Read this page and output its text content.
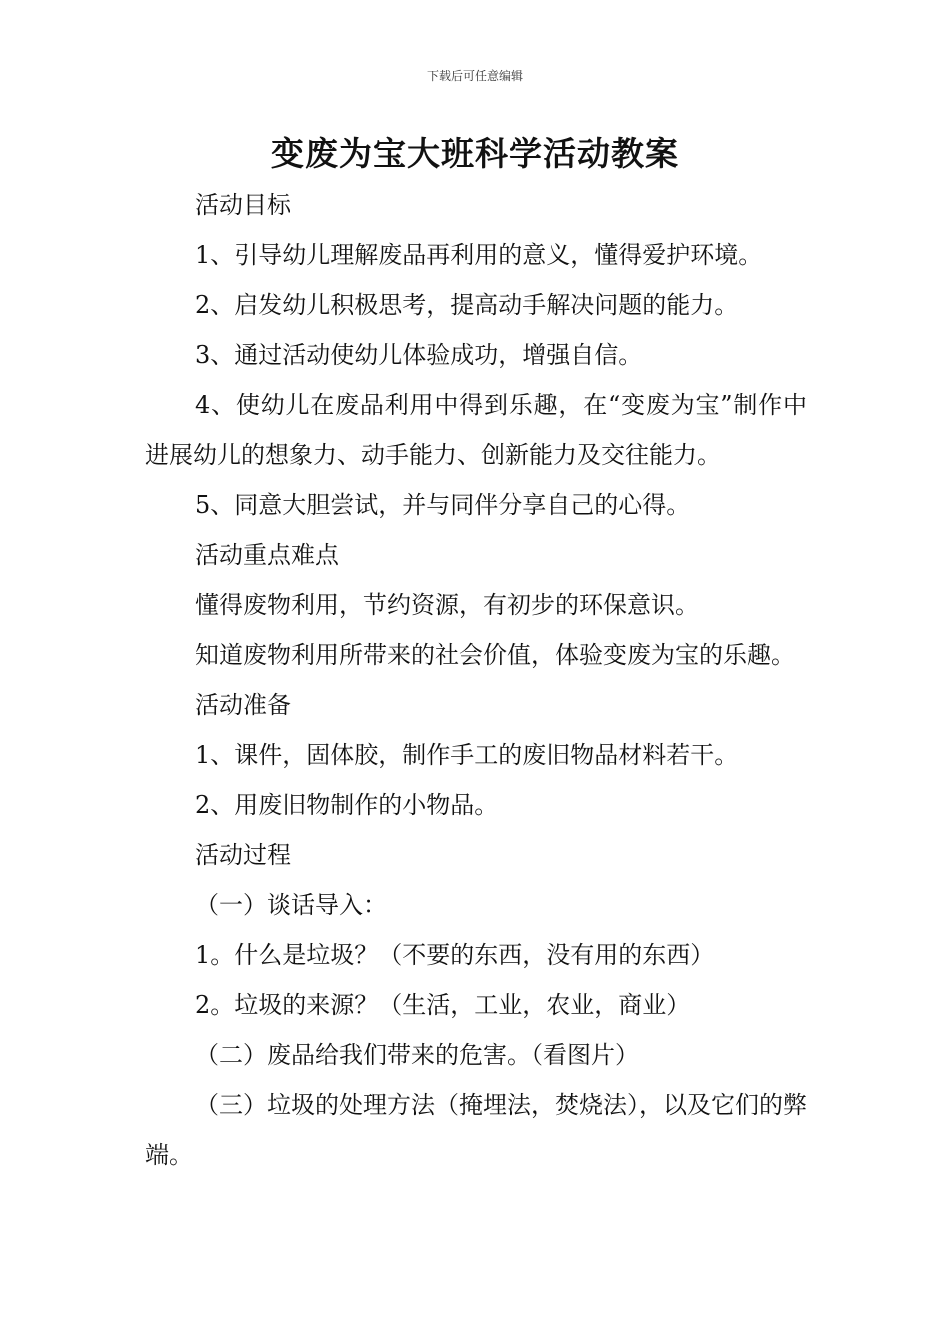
下载后可任意编辑
变废为宝大班科学活动教案

活动目标

1、引导幼儿理解废品再利用的意义，懂得爱护环境。

2、启发幼儿积极思考，提高动手解决问题的能力。

3、通过活动使幼儿体验成功，增强自信。

4、使幼儿在废品利用中得到乐趣，在“变废为宝”制作中进展幼儿的想象力、动手能力、创新能力及交往能力。

5、同意大胆尝试，并与同伴分享自己的心得。

活动重点难点

懂得废物利用，节约资源，有初步的环保意识。

知道废物利用所带来的社会价值，体验变废为宝的乐趣。

活动准备

1、课件，固体胶，制作手工的废旧物品材料若干。

2、用废旧物制作的小物品。

活动过程

（一）谈话导入：

1。什么是垃圾？（不要的东西，没有用的东西）

2。垃圾的来源？（生活，工业，农业，商业）

（二）废品给我们带来的危害。（看图片）

（三）垃圾的处理方法（掩埋法，焚烧法），以及它们的弊端。
